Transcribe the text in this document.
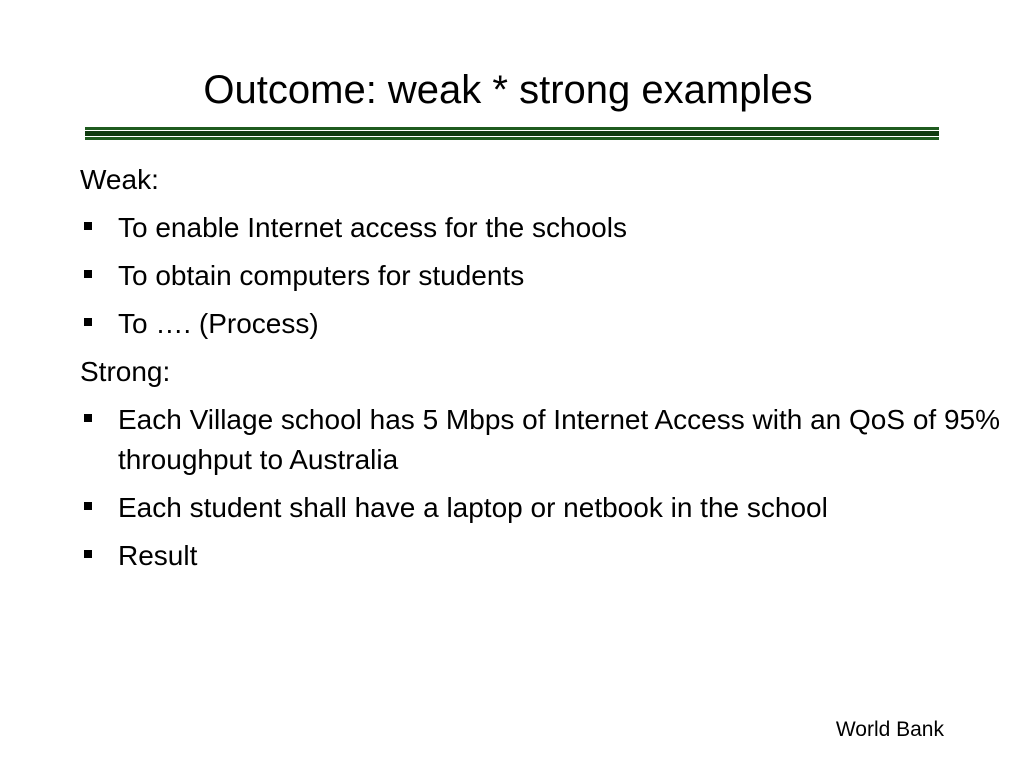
Outcome: weak * strong examples
Weak:
To enable Internet access for the schools
To obtain computers for students
To …. (Process)
Strong:
Each Village school has 5 Mbps of Internet Access with an QoS of 95% throughput to Australia
Each student shall have a laptop or netbook in the school
Result
World Bank
